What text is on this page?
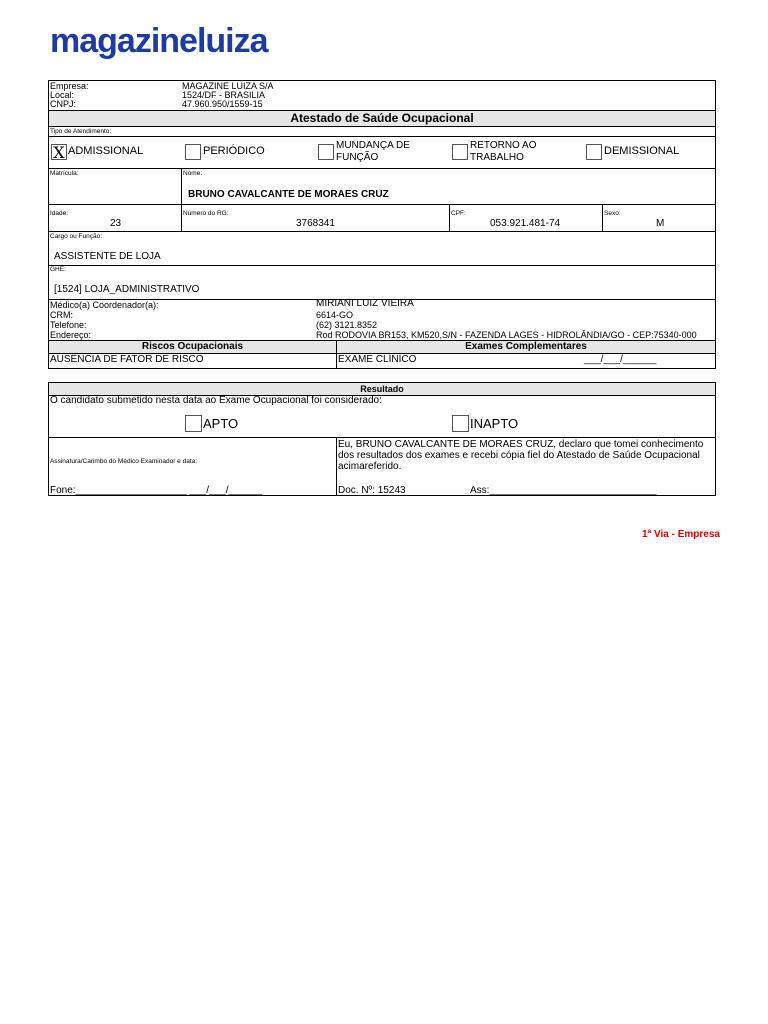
magazineluiza
Empresa:	MAGAZINE LUIZA S/A
Local:	1524/DF - BRASILIA
CNPJ:	47.960.950/1559-15
Atestado de Saúde Ocupacional
Tipo de Atendimento:
X ADMISSIONAL	PERIÓDICO	MUNDANÇA DE
FUNÇÃO
RETORNO AO
TRABALHO
DEMISSIONAL
Matrícula:	Nome:
BRUNO CAVALCANTE DE MORAES CRUZ
Idade:	Número do RG:	CPF:	Sexo:
23	3768341	053.921.481-74	M
Cargo ou Função:
ASSISTENTE DE LOJA
GHE:
[1524] LOJA_ADMINISTRATIVO
Médico(a) Coordenador(a):	MIRIANI LUIZ VIEIRA
CRM:	6614-GO
Telefone:	(62) 3121.8352
Endereço:	Rod RODOVIA BR153, KM520,S/N - FAZENDA LAGES - HIDROLÂNDIA/GO - CEP:75340-000
Riscos Ocupacionais	Exames Complementares
AUSÊNCIA DE FATOR DE RISCO	EXAME CLÍNICO	___/___/______
Resultado
O candidato submetido nesta data ao Exame Ocupacional foi considerado:
APTO	INAPTO
Assinatura/Carimbo do Médico Examinador e data:
Fone:____________________ ___/___/______
Eu, BRUNO CAVALCANTE DE MORAES CRUZ, declaro que tomei conhecimento
dos resultados dos exames e recebi cópia fiel do Atestado de Saúde Ocupacional
acimareferido.
Doc. Nº: 15243	Ass:______________________________
1ª Via - Empresa
